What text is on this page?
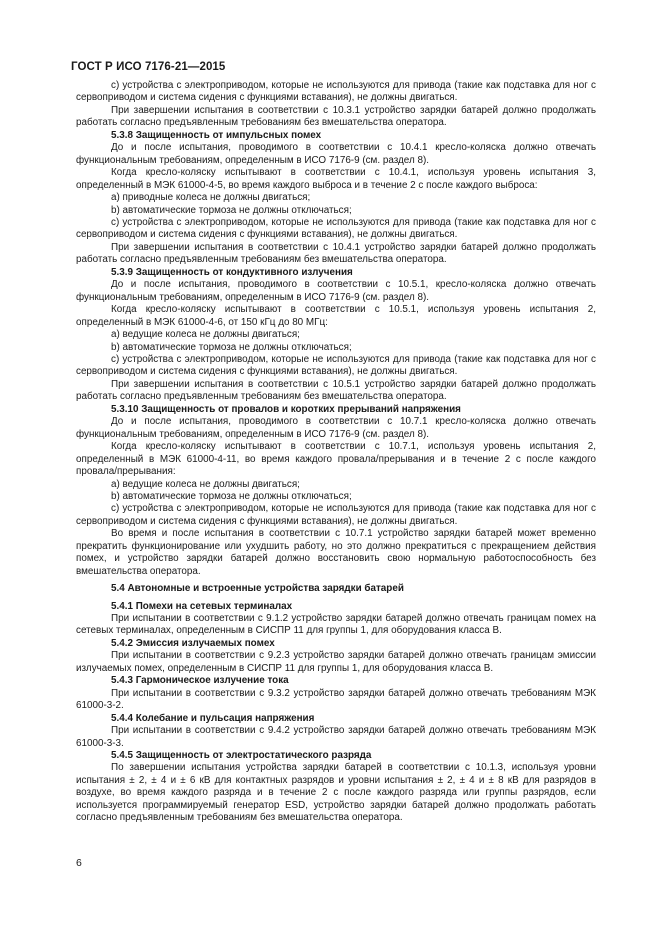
ГОСТ Р ИСО 7176-21—2015
с) устройства с электроприводом, которые не используются для привода (такие как подставка для ног с сервоприводом и система сидения с функциями вставания), не должны двигаться.
При завершении испытания в соответствии с 10.3.1 устройство зарядки батарей должно продолжать работать согласно предъявленным требованиям без вмешательства оператора.
5.3.8 Защищенность от импульсных помех
До и после испытания, проводимого в соответствии с 10.4.1 кресло-коляска должно отвечать функциональным требованиям, определенным в ИСО 7176-9 (см. раздел 8).
Когда кресло-коляску испытывают в соответствии с 10.4.1, используя уровень испытания 3, определенный в МЭК 61000-4-5, во время каждого выброса и в течение 2 с после каждого выброса:
a) приводные колеса не должны двигаться;
b) автоматические тормоза не должны отключаться;
с) устройства с электроприводом, которые не используются для привода (такие как подставка для ног с сервоприводом и система сидения с функциями вставания), не должны двигаться.
При завершении испытания в соответствии с 10.4.1 устройство зарядки батарей должно продолжать работать согласно предъявленным требованиям без вмешательства оператора.
5.3.9 Защищенность от кондуктивного излучения
До и после испытания, проводимого в соответствии с 10.5.1, кресло-коляска должно отвечать функциональным требованиям, определенным в ИСО 7176-9 (см. раздел 8).
Когда кресло-коляску испытывают в соответствии с 10.5.1, используя уровень испытания 2, определенный в МЭК 61000-4-6, от 150 кГц до 80 МГц:
a) ведущие колеса не должны двигаться;
b) автоматические тормоза не должны отключаться;
с) устройства с электроприводом, которые не используются для привода (такие как подставка для ног с сервоприводом и система сидения с функциями вставания), не должны двигаться.
При завершении испытания в соответствии с 10.5.1 устройство зарядки батарей должно продолжать работать согласно предъявленным требованиям без вмешательства оператора.
5.3.10 Защищенность от провалов и коротких прерываний напряжения
До и после испытания, проводимого в соответствии с 10.7.1 кресло-коляска должно отвечать функциональным требованиям, определенным в ИСО 7176-9 (см. раздел 8).
Когда кресло-коляску испытывают в соответствии с 10.7.1, используя уровень испытания 2, определенный в МЭК 61000-4-11, во время каждого провала/прерывания и в течение 2 с после каждого провала/прерывания:
a) ведущие колеса не должны двигаться;
b) автоматические тормоза не должны отключаться;
с) устройства с электроприводом, которые не используются для привода (такие как подставка для ног с сервоприводом и система сидения с функциями вставания), не должны двигаться.
Во время и после испытания в соответствии с 10.7.1 устройство зарядки батарей может временно прекратить функционирование или ухудшить работу, но это должно прекратиться с прекращением действия помех, и устройство зарядки батарей должно восстановить свою нормальную работоспособность без вмешательства оператора.
5.4 Автономные и встроенные устройства зарядки батарей
5.4.1 Помехи на сетевых терминалах
При испытании в соответствии с 9.1.2 устройство зарядки батарей должно отвечать границам помех на сетевых терминалах, определенным в СИСПР 11 для группы 1, для оборудования класса В.
5.4.2 Эмиссия излучаемых помех
При испытании в соответствии с 9.2.3 устройство зарядки батарей должно отвечать границам эмиссии излучаемых помех, определенным в СИСПР 11 для группы 1, для оборудования класса В.
5.4.3 Гармоническое излучение тока
При испытании в соответствии с 9.3.2 устройство зарядки батарей должно отвечать требованиям МЭК 61000-3-2.
5.4.4 Колебание и пульсация напряжения
При испытании в соответствии с 9.4.2 устройство зарядки батарей должно отвечать требованиям МЭК 61000-3-3.
5.4.5 Защищенность от электростатического разряда
По завершении испытания устройства зарядки батарей в соответствии с 10.1.3, используя уровни испытания ± 2, ± 4 и ± 6 кВ для контактных разрядов и уровни испытания ± 2, ± 4 и ± 8 кВ для разрядов в воздухе, во время каждого разряда и в течение 2 с после каждого разряда или группы разрядов, если используется программируемый генератор ESD, устройство зарядки батарей должно продолжать работать согласно предъявленным требованиям без вмешательства оператора.
6
